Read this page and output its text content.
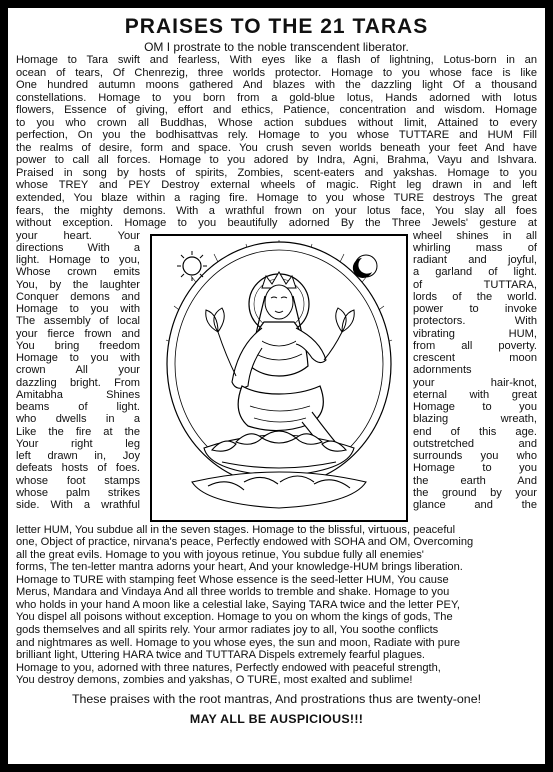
PRAISES TO THE 21 TARAS
OM I prostrate to the noble transcendent liberator.
Homage to Tara swift and fearless, With eyes like a flash of lightning, Lotus-born in an
ocean of tears, Of Chenrezig, three worlds protector. Homage to you whose face is like
One hundred autumn moons gathered And blazes with the dazzling light Of a thousand
constellations. Homage to you born from a gold-blue lotus, Hands adorned with lotus
flowers, Essence of giving, effort and ethics, Patience, concentration and wisdom. Homage
to you who crown all Buddhas, Whose action subdues without limit, Attained to every
perfection, On you the bodhisattvas rely. Homage to you whose TUTTARE and HUM Fill
the realms of desire, form and space. You crush seven worlds beneath your feet And have
power to call all forces. Homage to you adored by Indra, Agni, Brahma, Vayu and Ishvara.
Praised in song by hosts of spirits, Zombies, scent-eaters and yakshas. Homage to you
whose TREY and PEY Destroy external wheels of magic. Right leg drawn in and left
extended, You blaze within a raging fire. Homage to you whose TURE destroys The great
fears, the mighty demons. With a wrathful frown on your lotus face, You slay all foes
without exception. Homage to you beautifully adorned By the Three Jewels' gesture at
your heart. Your
directions With a
light. Homage to you,
Whose crown emits
You, by the laughter
Conquer demons and
Homage to you with
The assembly of local
your fierce frown and
You bring freedom
Homage to you with
crown All your
dazzling bright. From
Amitabha Shines
beams of light.
who dwells in a
Like the fire at the
Your right leg
left drawn in, Joy
defeats hosts of foes.
whose foot stamps
whose palm strikes
side. With a wrathful
wheel shines in all
whirling mass of
radiant and joyful,
a garland of light.
of TUTTARA,
lords of the world.
power to invoke
protectors. With
vibrating HUM,
from all poverty.
crescent moon
adornments
your hair-knot,
eternal with great
Homage to you
blazing wreath,
end of this age.
outstretched and
surrounds you who
Homage to you
the earth And
the ground by your
glance and the
letter HUM, You subdue all in the seven stages. Homage to the blissful, virtuous, peaceful
one, Object of practice, nirvana's peace, Perfectly endowed with SOHA and OM, Overcoming
all the great evils. Homage to you with joyous retinue, You subdue fully all enemies'
forms, The ten-letter mantra adorns your heart, And your knowledge-HUM brings liberation.
Homage to TURE with stamping feet Whose essence is the seed-letter HUM, You cause
Merus, Mandara and Vindaya And all three worlds to tremble and shake. Homage to you
who holds in your hand A moon like a celestial lake, Saying TARA twice and the letter PEY,
You dispel all poisons without exception. Homage to you on whom the kings of gods, The
gods themselves and all spirits rely. Your armor radiates joy to all, You soothe conflicts
and nightmares as well. Homage to you whose eyes, the sun and moon, Radiate with pure
brilliant light, Uttering HARA twice and TUTTARA Dispels extremely fearful plagues.
Homage to you, adorned with three natures, Perfectly endowed with peaceful strength,
You destroy demons, zombies and yakshas, O TURE, most exalted and sublime!
These praises with the root mantras, And prostrations thus are twenty-one!
MAY ALL BE AUSPICIOUS!!!
